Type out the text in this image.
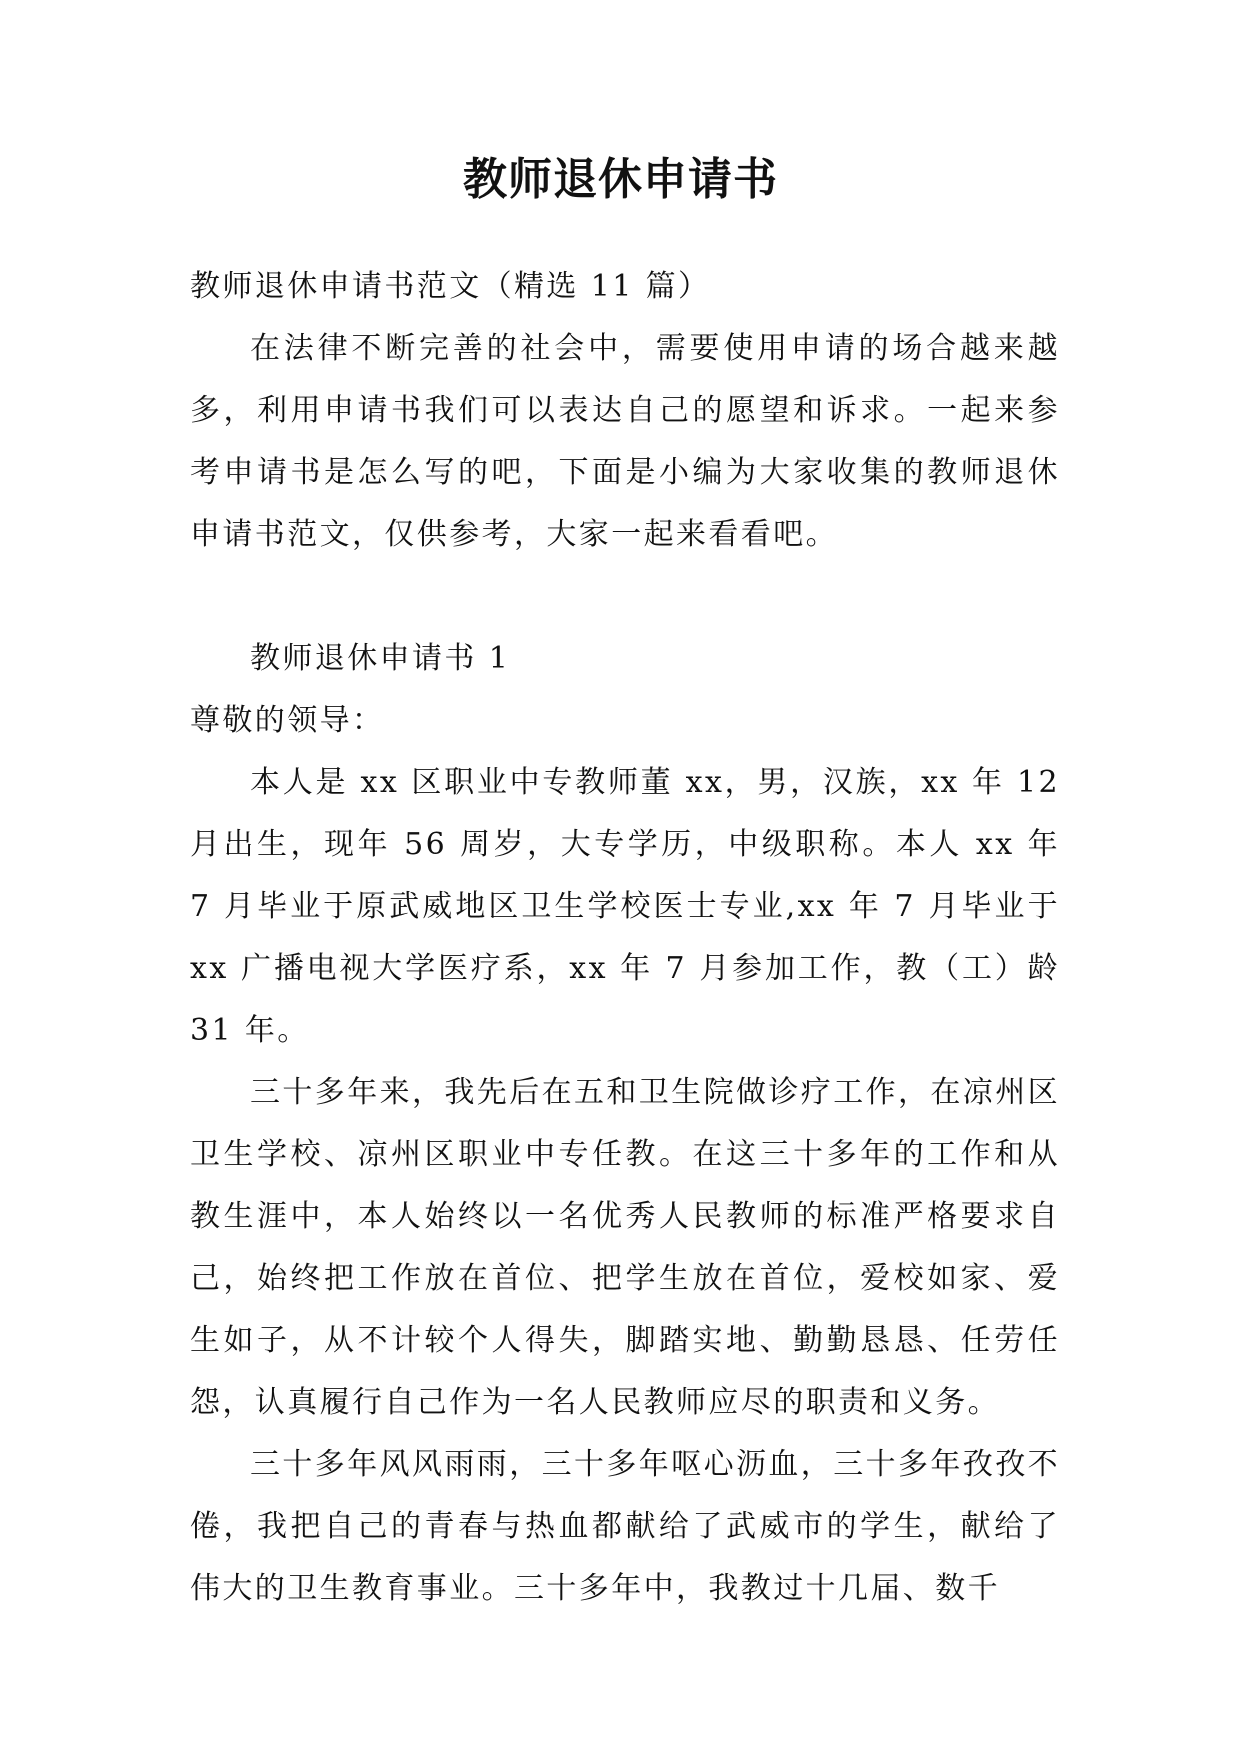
教师退休申请书

教师退休申请书范文（精选 11 篇）

在法律不断完善的社会中，需要使用申请的场合越来越多，利用申请书我们可以表达自己的愿望和诉求。一起来参考申请书是怎么写的吧，下面是小编为大家收集的教师退休申请书范文，仅供参考，大家一起来看看吧。

教师退休申请书 1

尊敬的领导：

本人是 xx 区职业中专教师董 xx，男，汉族，xx 年 12 月出生，现年 56 周岁，大专学历，中级职称。本人 xx 年 7 月毕业于原武威地区卫生学校医士专业,xx 年 7 月毕业于 xx 广播电视大学医疗系，xx 年 7 月参加工作，教（工）龄 31 年。

三十多年来，我先后在五和卫生院做诊疗工作，在凉州区卫生学校、凉州区职业中专任教。在这三十多年的工作和从教生涯中，本人始终以一名优秀人民教师的标准严格要求自己，始终把工作放在首位、把学生放在首位，爱校如家、爱生如子，从不计较个人得失，脚踏实地、勤勤恳恳、任劳任怨，认真履行自己作为一名人民教师应尽的职责和义务。

三十多年风风雨雨，三十多年呕心沥血，三十多年孜孜不倦，我把自己的青春与热血都献给了武威市的学生，献给了伟大的卫生教育事业。三十多年中，我教过十几届、数千
